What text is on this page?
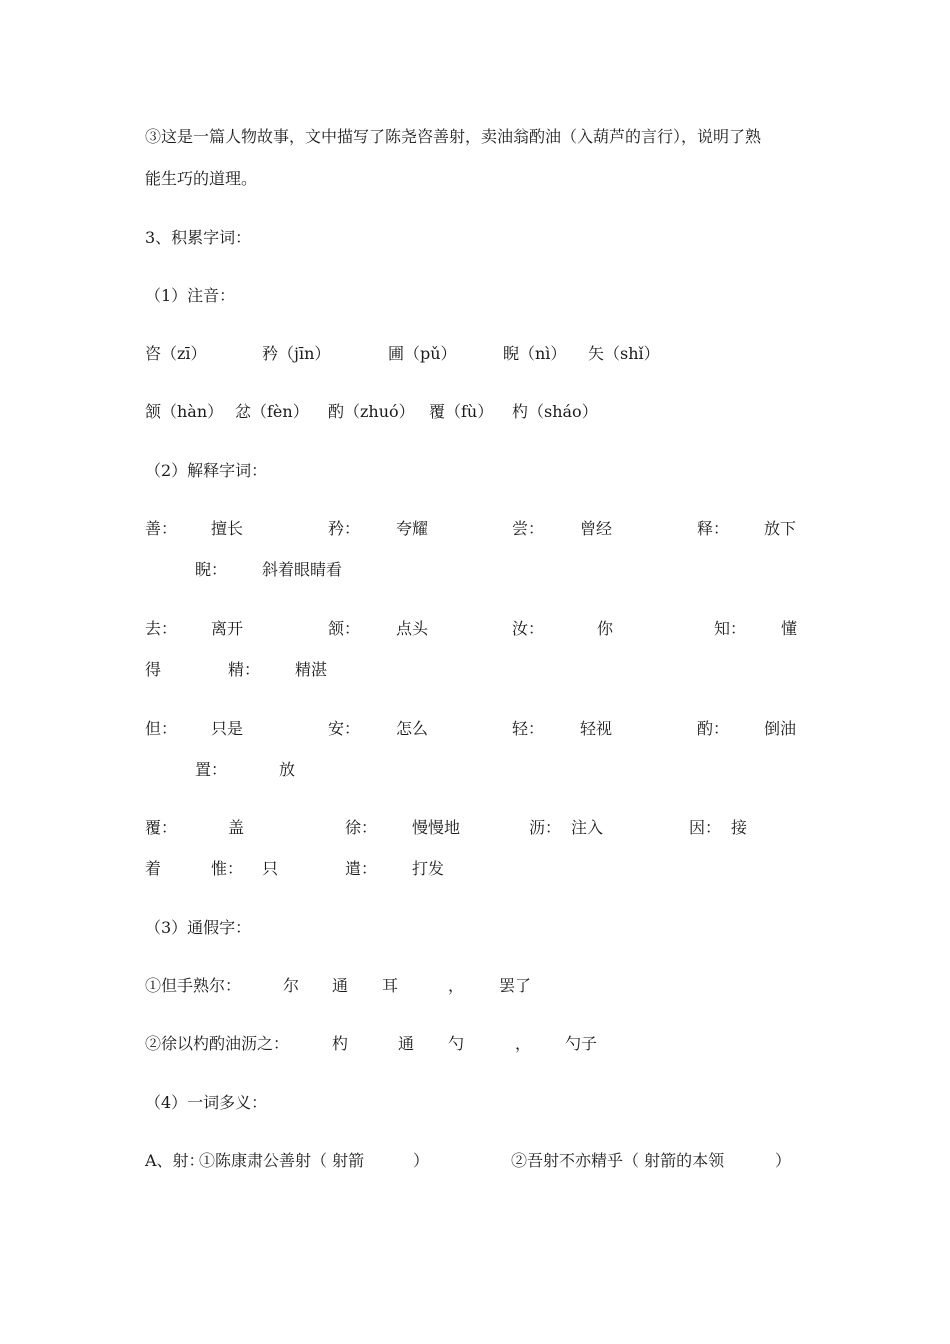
③这是一篇人物故事，文中描写了陈尧咨善射，卖油翁酌油（入葫芦的言行），说明了熟
能生巧的道理。
3、积累字词：
（1）注音：
咨（zī）	矜（jīn）	圃（pǔ）	睨（nì） 矢（shǐ）
颔（hàn） 忿（fèn） 酌（zhuó） 覆（fù） 杓（sháo）
（2）解释字词：
善： 擅长	矜： 夸耀	尝： 曾经	释： 放下
睨： 斜着眼睛看
去： 离开	颔： 点头	汝：	你	知： 懂
得	精： 精湛
但： 只是	安： 怎么	轻： 轻视	酌： 倒油
置：	放
覆：	盖	徐： 慢慢地	沥： 注入	因： 接
着	惟： 只	遣： 打发
（3）通假字：
①但手熟尔：	尔 通 耳	， 罢了
②徐以杓酌油沥之：	杓	通 勺	， 勺子
（4）一词多义：
A、射：
①陈康肃公善射（ 射箭	）	②吾射不亦精乎（ 射箭的本领	）
